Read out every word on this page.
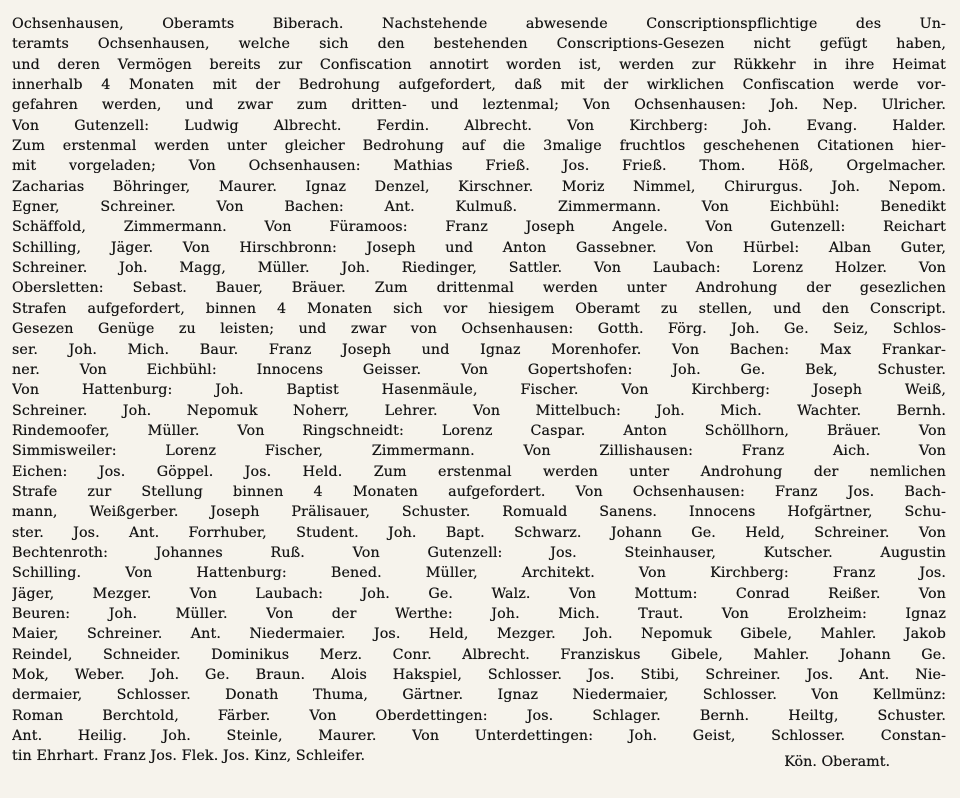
Ochsenhausen, Oberamts Biberach. Nachstehende abwesende Conscriptionspflichtige des Un-
teramts Ochsenhausen, welche sich den bestehenden Conscriptions-Gesezen nicht gefügt haben,
und deren Vermögen bereits zur Confiscation annotirt worden ist, werden zur Rükkehr in ihre Heimat
innerhalb 4 Monaten mit der Bedrohung aufgefordert, daß mit der wirklichen Confiscation werde vor-
gefahren werden, und zwar zum dritten- und leztenmal; Von Ochsenhausen: Joh. Nep. Ulricher.
Von Gutenzell: Ludwig Albrecht. Ferdin. Albrecht. Von Kirchberg: Joh. Evang. Halder.
Zum erstenmal werden unter gleicher Bedrohung auf die 3malige fruchtlos geschehenen Citationen hier-
mit vorgeladen; Von Ochsenhausen: Mathias Frieß. Jos. Frieß. Thom. Höß, Orgelmacher.
Zacharias Böhringer, Maurer. Ignaz Denzel, Kirschner. Moriz Nimmel, Chirurgus. Joh. Nepom.
Egner, Schreiner. Von Bachen: Ant. Kulmuß. Zimmermann. Von Eichbühl: Benedikt
Schäffold, Zimmermann. Von Füramoos: Franz Joseph Angele. Von Gutenzell: Reichart
Schilling, Jäger. Von Hirschbronn: Joseph und Anton Gassebner. Von Hürbel: Alban Guter,
Schreiner. Joh. Magg, Müller. Joh. Riedinger, Sattler. Von Laubach: Lorenz Holzer. Von
Obersletten: Sebast. Bauer, Bräuer. Zum drittenmal werden unter Androhung der gesezlichen
Strafen aufgefordert, binnen 4 Monaten sich vor hiesigem Oberamt zu stellen, und den Conscript.
Gesezen Genüge zu leisten; und zwar von Ochsenhausen: Gotth. Förg. Joh. Ge. Seiz, Schlos-
ser. Joh. Mich. Baur. Franz Joseph und Ignaz Morenhofer. Von Bachen: Max Frankar-
ner. Von Eichbühl: Innocens Geisser. Von Gopertshofen: Joh. Ge. Bek, Schuster.
Von Hattenburg: Joh. Baptist Hasenmäule, Fischer. Von Kirchberg: Joseph Weiß,
Schreiner. Joh. Nepomuk Noherr, Lehrer. Von Mittelbuch: Joh. Mich. Wachter. Bernh.
Rindemoofer, Müller. Von Ringschneidt: Lorenz Caspar. Anton Schöllhorn, Bräuer. Von
Simmisweiler: Lorenz Fischer, Zimmermann. Von Zillishausen: Franz Aich. Von
Eichen: Jos. Göppel. Jos. Held. Zum erstenmal werden unter Androhung der nemlichen
Strafe zur Stellung binnen 4 Monaten aufgefordert. Von Ochsenhausen: Franz Jos. Bach-
mann, Weißgerber. Joseph Prälisauer, Schuster. Romuald Sanens. Innocens Hofgärtner, Schu-
ster. Jos. Ant. Forrhuber, Student. Joh. Bapt. Schwarz. Johann Ge. Held, Schreiner. Von
Bechtenroth: Johannes Ruß. Von Gutenzell: Jos. Steinhauser, Kutscher. Augustin
Schilling. Von Hattenburg: Bened. Müller, Architekt. Von Kirchberg: Franz Jos.
Jäger, Mezger. Von Laubach: Joh. Ge. Walz. Von Mottum: Conrad Reißer. Von
Beuren: Joh. Müller. Von der Werthe: Joh. Mich. Traut. Von Erolzheim: Ignaz
Maier, Schreiner. Ant. Niedermaier. Jos. Held, Mezger. Joh. Nepomuk Gibele, Mahler. Jakob
Reindel, Schneider. Dominikus Merz. Conr. Albrecht. Franziskus Gibele, Mahler. Johann Ge.
Mok, Weber. Joh. Ge. Braun. Alois Hakspiel, Schlosser. Jos. Stibi, Schreiner. Jos. Ant. Nie-
dermaier, Schlosser. Donath Thuma, Gärtner. Ignaz Niedermaier, Schlosser. Von Kellmünz:
Roman Berchtold, Färber. Von Oberdettingen: Jos. Schlager. Bernh. Heiltg, Schuster.
Ant. Heilig. Joh. Steinle, Maurer. Von Unterdettingen: Joh. Geist, Schlosser. Constan-
tin Ehrhart. Franz Jos. Flek. Jos. Kinz, Schleifer.	Kön. Oberamt.
